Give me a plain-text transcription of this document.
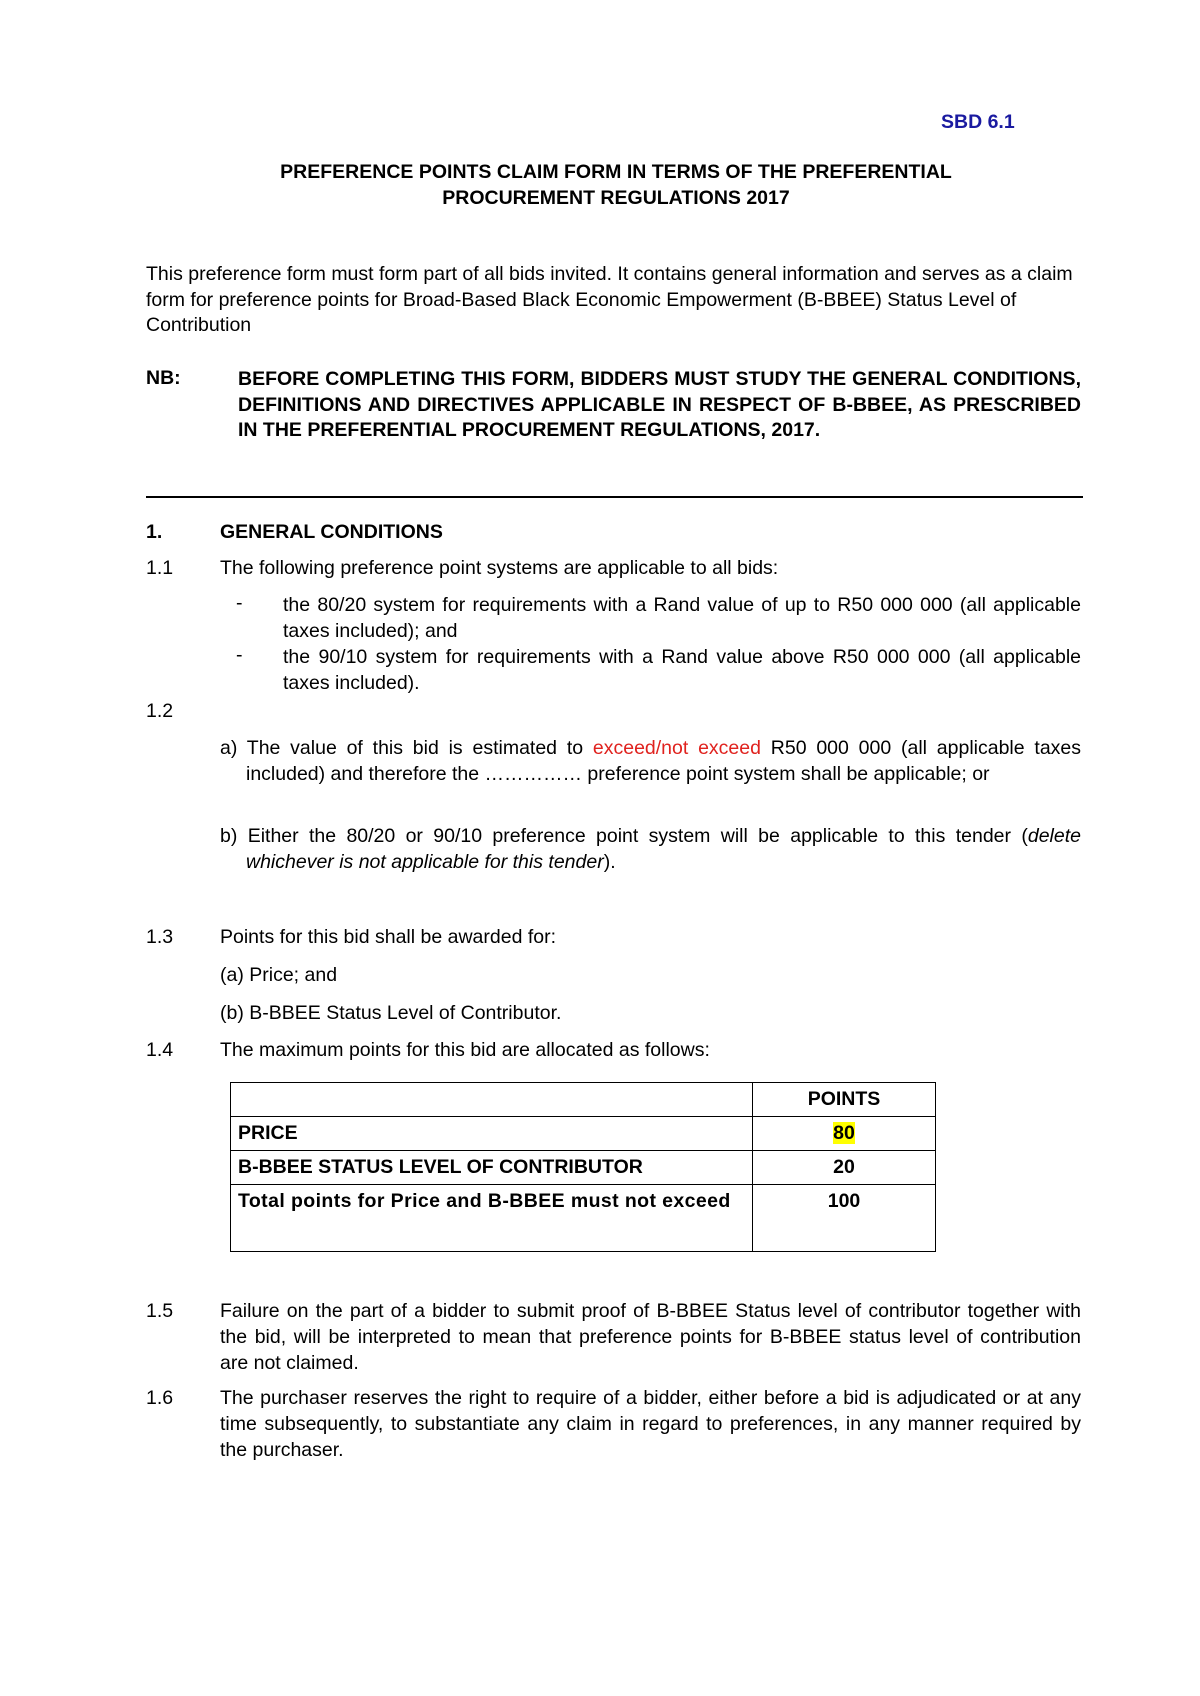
SBD 6.1
PREFERENCE POINTS CLAIM FORM IN TERMS OF THE PREFERENTIAL
PROCUREMENT REGULATIONS 2017
This preference form must form part of all bids invited. It contains general information and serves as a claim form for preference points for Broad-Based Black Economic Empowerment (B-BBEE) Status Level of Contribution
NB:	BEFORE COMPLETING THIS FORM, BIDDERS MUST STUDY THE GENERAL CONDITIONS, DEFINITIONS AND DIRECTIVES APPLICABLE IN RESPECT OF B-BBEE, AS PRESCRIBED IN THE PREFERENTIAL PROCUREMENT REGULATIONS, 2017.
1.	GENERAL CONDITIONS
1.1 The following preference point systems are applicable to all bids:
- the 80/20 system for requirements with a Rand value of up to R50 000 000 (all applicable taxes included); and
- the 90/10 system for requirements with a Rand value above R50 000 000 (all applicable taxes included).
1.2
a) The value of this bid is estimated to exceed/not exceed R50 000 000 (all applicable taxes included) and therefore the …………… preference point system shall be applicable; or
b) Either the 80/20 or 90/10 preference point system will be applicable to this tender (delete whichever is not applicable for this tender).
1.3 Points for this bid shall be awarded for:
(a) Price; and
(b) B-BBEE Status Level of Contributor.
1.4 The maximum points for this bid are allocated as follows:
	POINTS
PRICE	80
B-BBEE STATUS LEVEL OF CONTRIBUTOR	20
Total points for Price and B-BBEE must not exceed	100
1.5 Failure on the part of a bidder to submit proof of B-BBEE Status level of contributor together with the bid, will be interpreted to mean that preference points for B-BBEE status level of contribution are not claimed.
1.6 The purchaser reserves the right to require of a bidder, either before a bid is adjudicated or at any time subsequently, to substantiate any claim in regard to preferences, in any manner required by the purchaser.
